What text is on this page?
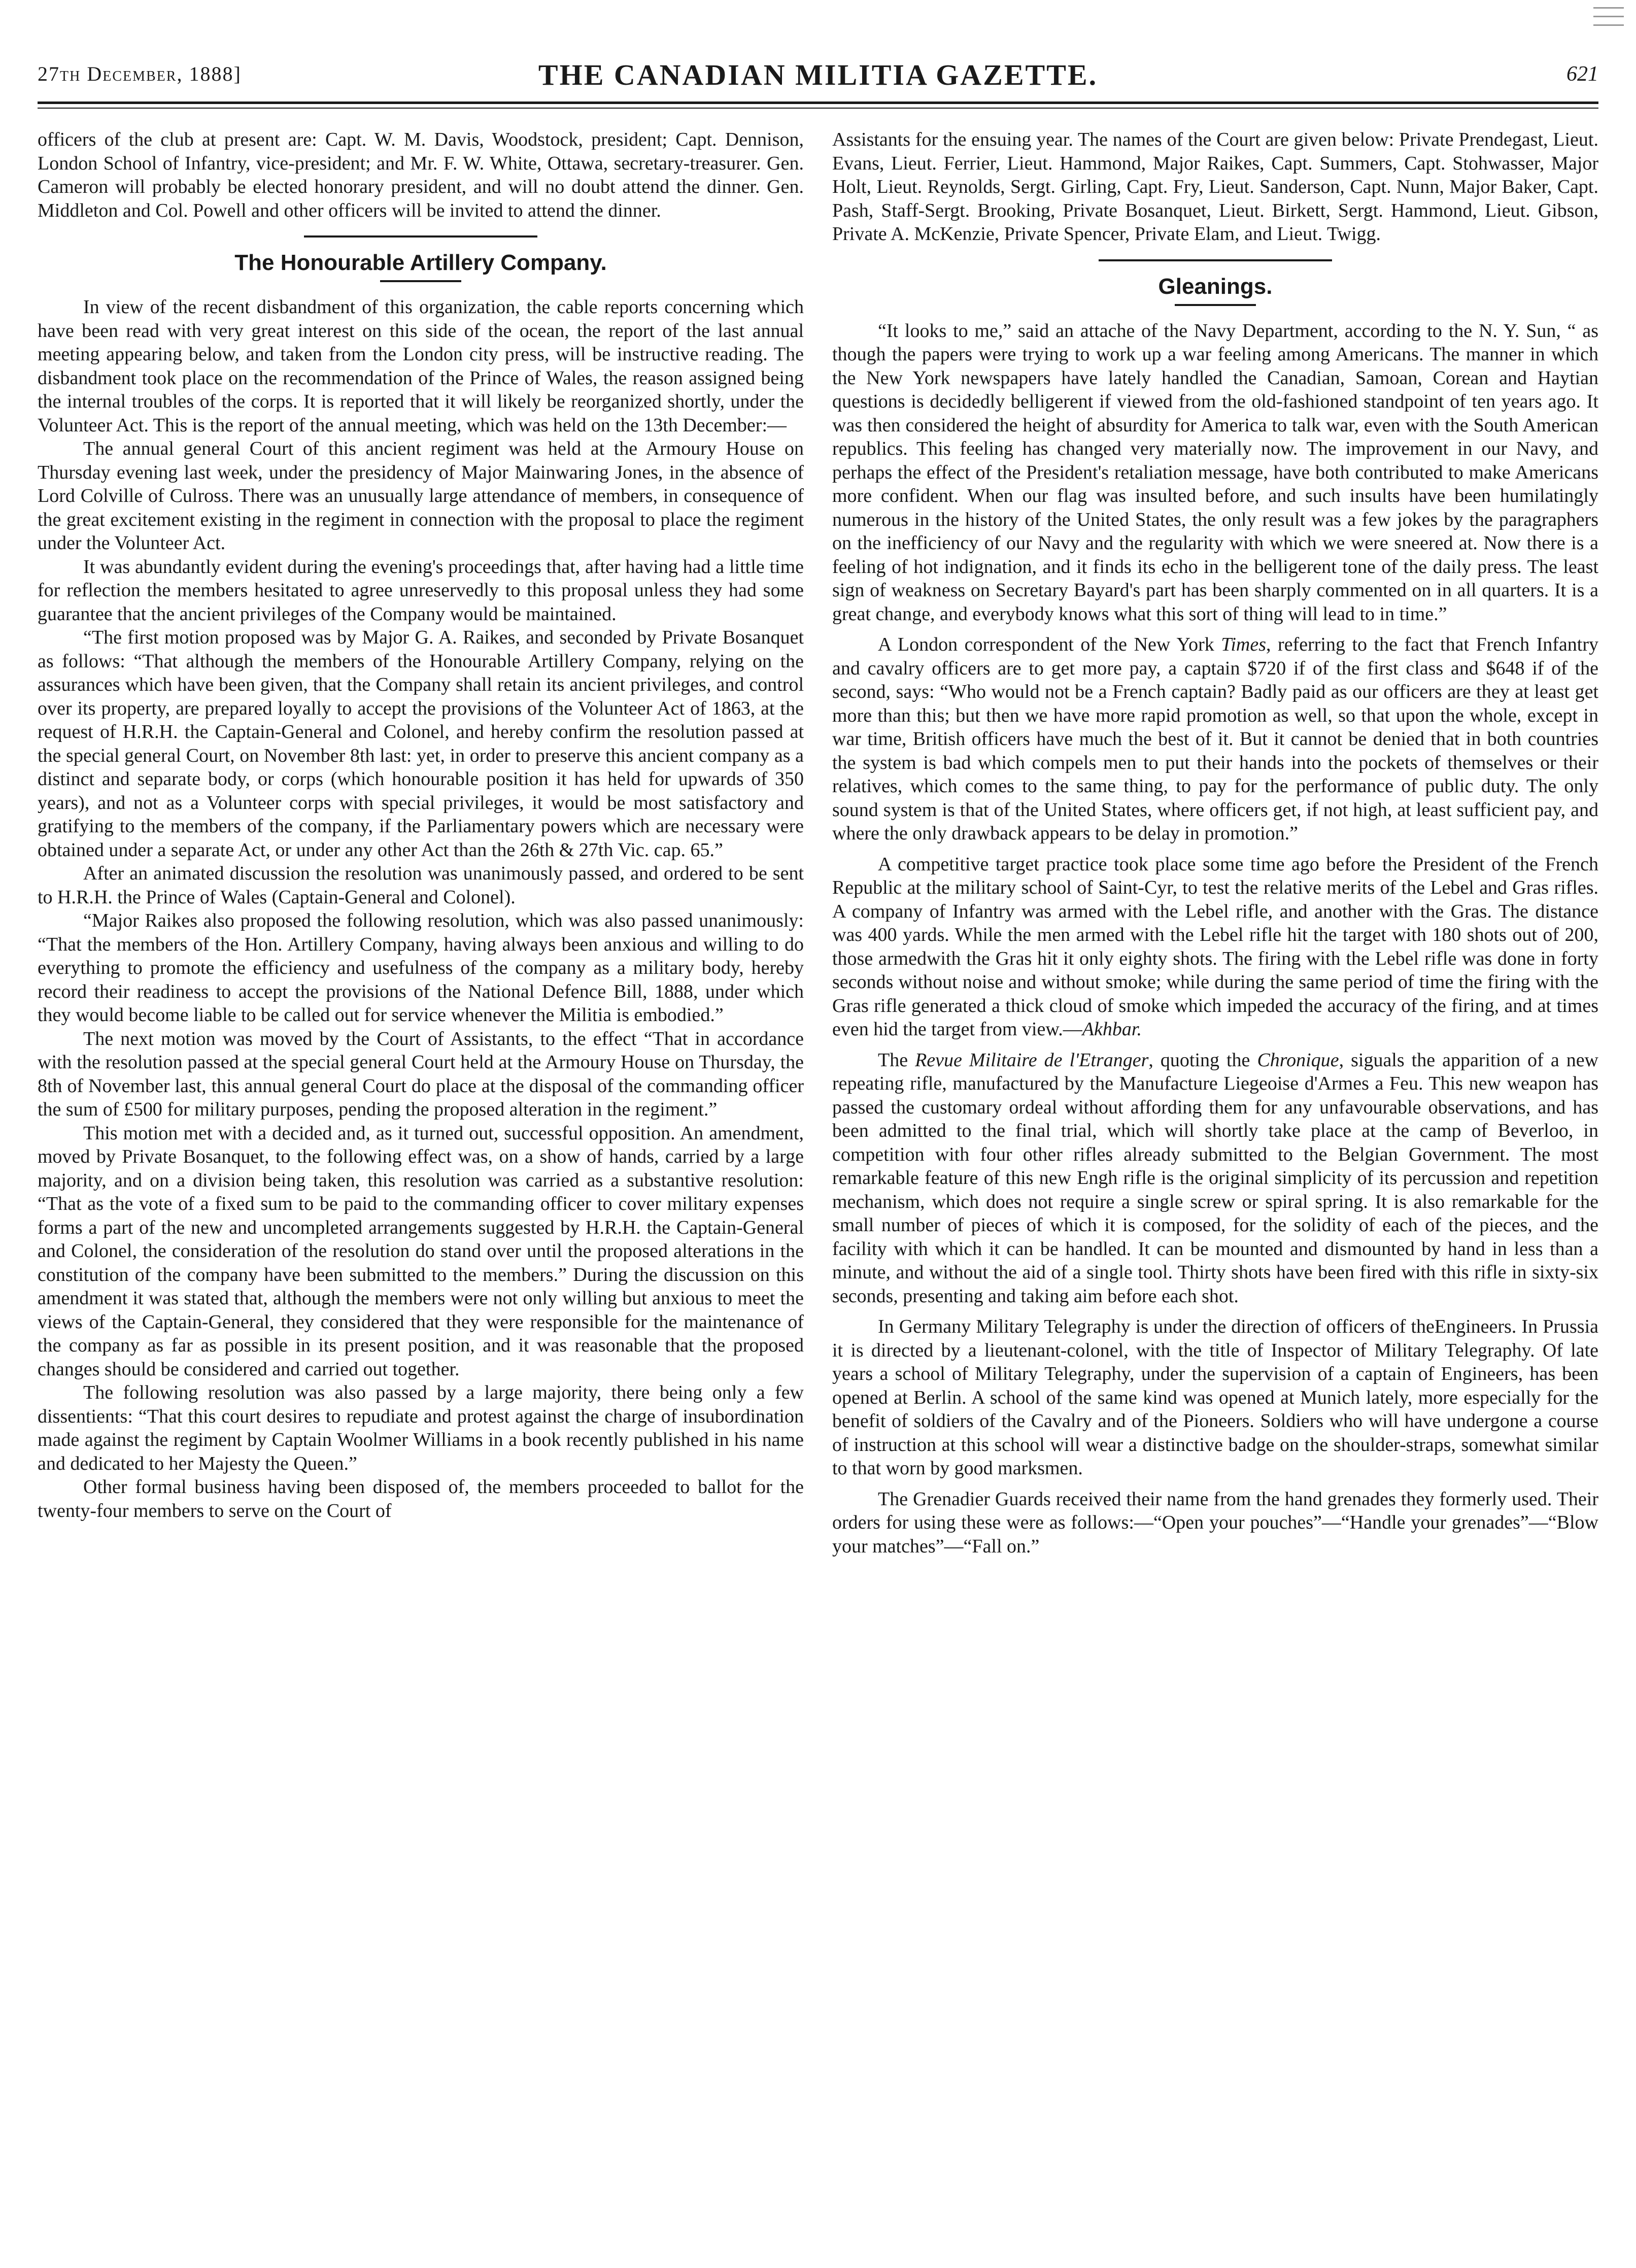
27th December, 1888]	THE CANADIAN MILITIA GAZETTE.	621

officers of the club at present are: Capt. W. M. Davis, Woodstock, president; Capt. Dennison, London School of Infantry, vice-president; and Mr. F. W. White, Ottawa, secretary-treasurer. Gen. Cameron will probably be elected honorary president, and will no doubt attend the dinner. Gen. Middleton and Col. Powell and other officers will be invited to attend the dinner.

The Honourable Artillery Company.

In view of the recent disbandment of this organization, the cable reports concerning which have been read with very great interest on this side of the ocean, the report of the last annual meeting appearing below, and taken from the London city press, will be instructive reading. The disbandment took place on the recommendation of the Prince of Wales, the reason assigned being the internal troubles of the corps. It is reported that it will likely be reorganized shortly, under the Volunteer Act. This is the report of the annual meeting, which was held on the 13th December:—

The annual general Court of this ancient regiment was held at the Armoury House on Thursday evening last week, under the presidency of Major Mainwaring Jones, in the absence of Lord Colville of Culross. There was an unusually large attendance of members, in consequence of the great excitement existing in the regiment in connection with the proposal to place the regiment under the Volunteer Act.

It was abundantly evident during the evening's proceedings that, after having had a little time for reflection the members hesitated to agree unreservedly to this proposal unless they had some guarantee that the ancient privileges of the Company would be maintained.

“The first motion proposed was by Major G. A. Raikes, and seconded by Private Bosanquet as follows: “That although the members of the Honourable Artillery Company, relying on the assurances which have been given, that the Company shall retain its ancient privileges, and control over its property, are prepared loyally to accept the provisions of the Volunteer Act of 1863, at the request of H.R.H. the Captain-General and Colonel, and hereby confirm the resolution passed at the special general Court, on November 8th last: yet, in order to preserve this ancient company as a distinct and separate body, or corps (which honourable position it has held for upwards of 350 years), and not as a Volunteer corps with special privileges, it would be most satisfactory and gratifying to the members of the company, if the Parliamentary powers which are necessary were obtained under a separate Act, or under any other Act than the 26th & 27th Vic. cap. 65.”

After an animated discussion the resolution was unanimously passed, and ordered to be sent to H.R.H. the Prince of Wales (Captain-General and Colonel).

“Major Raikes also proposed the following resolution, which was also passed unanimously: “That the members of the Hon. Artillery Company, having always been anxious and willing to do everything to promote the efficiency and usefulness of the company as a military body, hereby record their readiness to accept the provisions of the National Defence Bill, 1888, under which they would become liable to be called out for service whenever the Militia is embodied.”

The next motion was moved by the Court of Assistants, to the effect “That in accordance with the resolution passed at the special general Court held at the Armoury House on Thursday, the 8th of November last, this annual general Court do place at the disposal of the commanding officer the sum of £500 for military purposes, pending the proposed alteration in the regiment.”

This motion met with a decided and, as it turned out, successful opposition. An amendment, moved by Private Bosanquet, to the following effect was, on a show of hands, carried by a large majority, and on a division being taken, this resolution was carried as a substantive resolution: “That as the vote of a fixed sum to be paid to the commanding officer to cover military expenses forms a part of the new and uncompleted arrangements suggested by H.R.H. the Captain-General and Colonel, the consideration of the resolution do stand over until the proposed alterations in the constitution of the company have been submitted to the members.” During the discussion on this amendment it was stated that, although the members were not only willing but anxious to meet the views of the Captain-General, they considered that they were responsible for the maintenance of the company as far as possible in its present position, and it was reasonable that the proposed changes should be considered and carried out together.

The following resolution was also passed by a large majority, there being only a few dissentients: “That this court desires to repudiate and protest against the charge of insubordination made against the regiment by Captain Woolmer Williams in a book recently published in his name and dedicated to her Majesty the Queen.”

Other formal business having been disposed of, the members proceeded to ballot for the twenty-four members to serve on the Court of

Assistants for the ensuing year. The names of the Court are given below: Private Prendegast, Lieut. Evans, Lieut. Ferrier, Lieut. Hammond, Major Raikes, Capt. Summers, Capt. Stohwasser, Major Holt, Lieut. Reynolds, Sergt. Girling, Capt. Fry, Lieut. Sanderson, Capt. Nunn, Major Baker, Capt. Pash, Staff-Sergt. Brooking, Private Bosanquet, Lieut. Birkett, Sergt. Hammond, Lieut. Gibson, Private A. McKenzie, Private Spencer, Private Elam, and Lieut. Twigg.

Gleanings.

“It looks to me,” said an attache of the Navy Department, according to the N. Y. Sun, “ as though the papers were trying to work up a war feeling among Americans. The manner in which the New York newspapers have lately handled the Canadian, Samoan, Corean and Haytian questions is decidedly belligerent if viewed from the old-fashioned standpoint of ten years ago. It was then considered the height of absurdity for America to talk war, even with the South American republics. This feeling has changed very materially now. The improvement in our Navy, and perhaps the effect of the President's retaliation message, have both contributed to make Americans more confident. When our flag was insulted before, and such insults have been humilatingly numerous in the history of the United States, the only result was a few jokes by the paragraphers on the inefficiency of our Navy and the regularity with which we were sneered at. Now there is a feeling of hot indignation, and it finds its echo in the belligerent tone of the daily press. The least sign of weakness on Secretary Bayard's part has been sharply commented on in all quarters. It is a great change, and everybody knows what this sort of thing will lead to in time.”

A London correspondent of the New York Times, referring to the fact that French Infantry and cavalry officers are to get more pay, a captain $720 if of the first class and $648 if of the second, says: “Who would not be a French captain? Badly paid as our officers are they at least get more than this; but then we have more rapid promotion as well, so that upon the whole, except in war time, British officers have much the best of it. But it cannot be denied that in both countries the system is bad which compels men to put their hands into the pockets of themselves or their relatives, which comes to the same thing, to pay for the performance of public duty. The only sound system is that of the United States, where officers get, if not high, at least sufficient pay, and where the only drawback appears to be delay in promotion.”

A competitive target practice took place some time ago before the President of the French Republic at the military school of Saint-Cyr, to test the relative merits of the Lebel and Gras rifles. A company of Infantry was armed with the Lebel rifle, and another with the Gras. The distance was 400 yards. While the men armed with the Lebel rifle hit the target with 180 shots out of 200, those armedwith the Gras hit it only eighty shots. The firing with the Lebel rifle was done in forty seconds without noise and without smoke; while during the same period of time the firing with the Gras rifle generated a thick cloud of smoke which impeded the accuracy of the firing, and at times even hid the target from view.—Akhbar.

The Revue Militaire de l'Etranger, quoting the Chronique, siguals the apparition of a new repeating rifle, manufactured by the Manufacture Liegeoise d'Armes a Feu. This new weapon has passed the customary ordeal without affording them for any unfavourable observations, and has been admitted to the final trial, which will shortly take place at the camp of Beverloo, in competition with four other rifles already submitted to the Belgian Government. The most remarkable feature of this new Engh rifle is the original simplicity of its percussion and repetition mechanism, which does not require a single screw or spiral spring. It is also remarkable for the small number of pieces of which it is composed, for the solidity of each of the pieces, and the facility with which it can be handled. It can be mounted and dismounted by hand in less than a minute, and without the aid of a single tool. Thirty shots have been fired with this rifle in sixty-six seconds, presenting and taking aim before each shot.

In Germany Military Telegraphy is under the direction of officers of theEngineers. In Prussia it is directed by a lieutenant-colonel, with the title of Inspector of Military Telegraphy. Of late years a school of Military Telegraphy, under the supervision of a captain of Engineers, has been opened at Berlin. A school of the same kind was opened at Munich lately, more especially for the benefit of soldiers of the Cavalry and of the Pioneers. Soldiers who will have undergone a course of instruction at this school will wear a distinctive badge on the shoulder-straps, somewhat similar to that worn by good marksmen.

The Grenadier Guards received their name from the hand grenades they formerly used. Their orders for using these were as follows:—“Open your pouches”—“Handle your grenades”—“Blow your matches”—“Fall on.”
